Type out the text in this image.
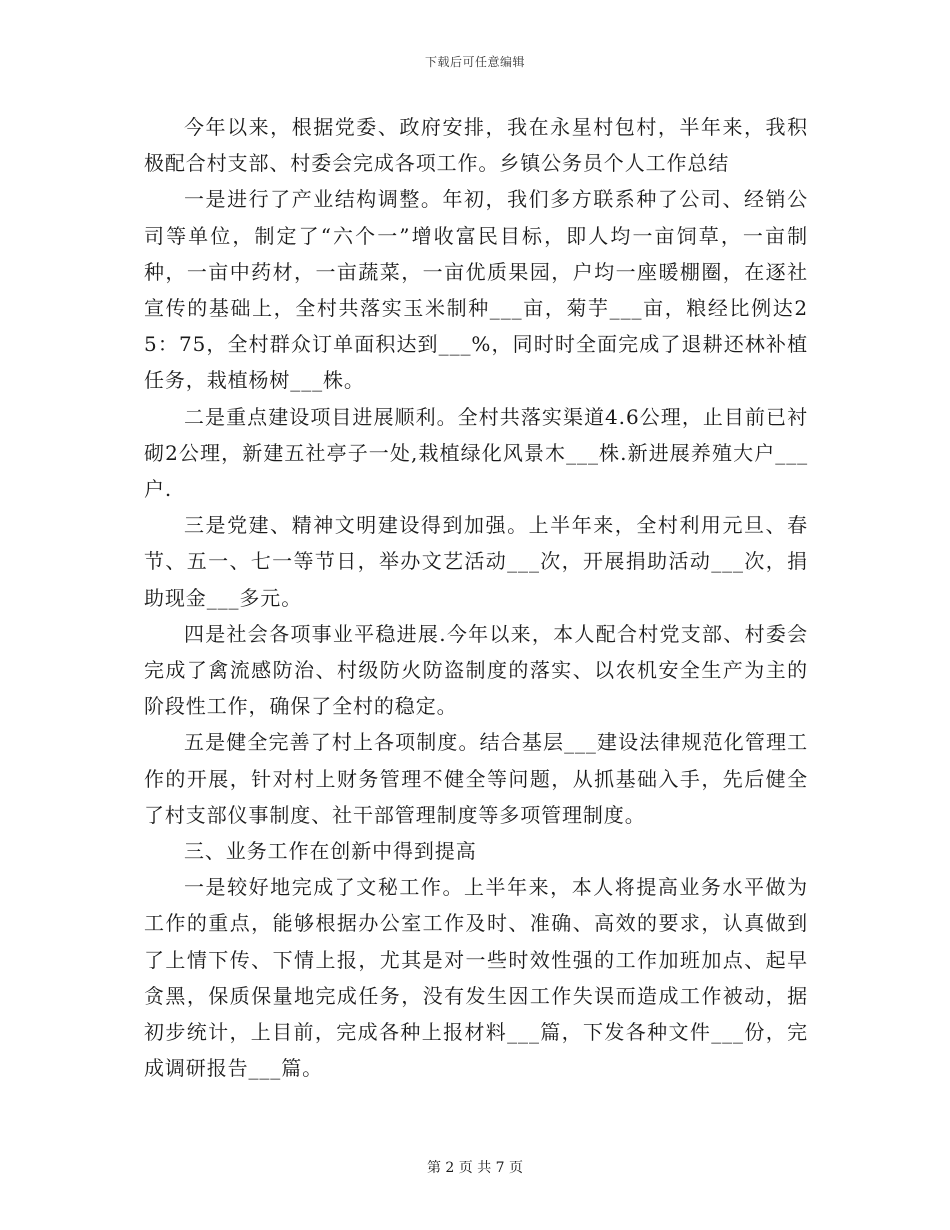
下载后可任意编辑

今年以来，根据党委、政府安排，我在永星村包村，半年来，我积极配合村支部、村委会完成各项工作。乡镇公务员个人工作总结

一是进行了产业结构调整。年初，我们多方联系种了公司、经销公司等单位，制定了“六个一”增收富民目标，即人均一亩饲草，一亩制种，一亩中药材，一亩蔬菜，一亩优质果园，户均一座暖棚圈，在逐社宣传的基础上，全村共落实玉米制种___亩，菊芋___亩，粮经比例达25：75，全村群众订单面积达到___%，同时时全面完成了退耕还林补植任务，栽植杨树___株。

二是重点建设项目进展顺利。全村共落实渠道4.6公理，止目前已衬砌2公理，新建五社亭子一处,栽植绿化风景木___株.新进展养殖大户___户.

三是党建、精神文明建设得到加强。上半年来，全村利用元旦、春节、五一、七一等节日，举办文艺活动___次，开展捐助活动___次，捐助现金___多元。

四是社会各项事业平稳进展.今年以来，本人配合村党支部、村委会完成了禽流感防治、村级防火防盗制度的落实、以农机安全生产为主的阶段性工作，确保了全村的稳定。

五是健全完善了村上各项制度。结合基层___建设法律规范化管理工作的开展，针对村上财务管理不健全等问题，从抓基础入手，先后健全了村支部仪事制度、社干部管理制度等多项管理制度。

三、业务工作在创新中得到提高

一是较好地完成了文秘工作。上半年来，本人将提高业务水平做为工作的重点，能够根据办公室工作及时、准确、高效的要求，认真做到了上情下传、下情上报，尤其是对一些时效性强的工作加班加点、起早贪黑，保质保量地完成任务，没有发生因工作失误而造成工作被动，据初步统计，上目前，完成各种上报材料___篇，下发各种文件___份，完成调研报告___篇。

第 2 页 共 7 页
